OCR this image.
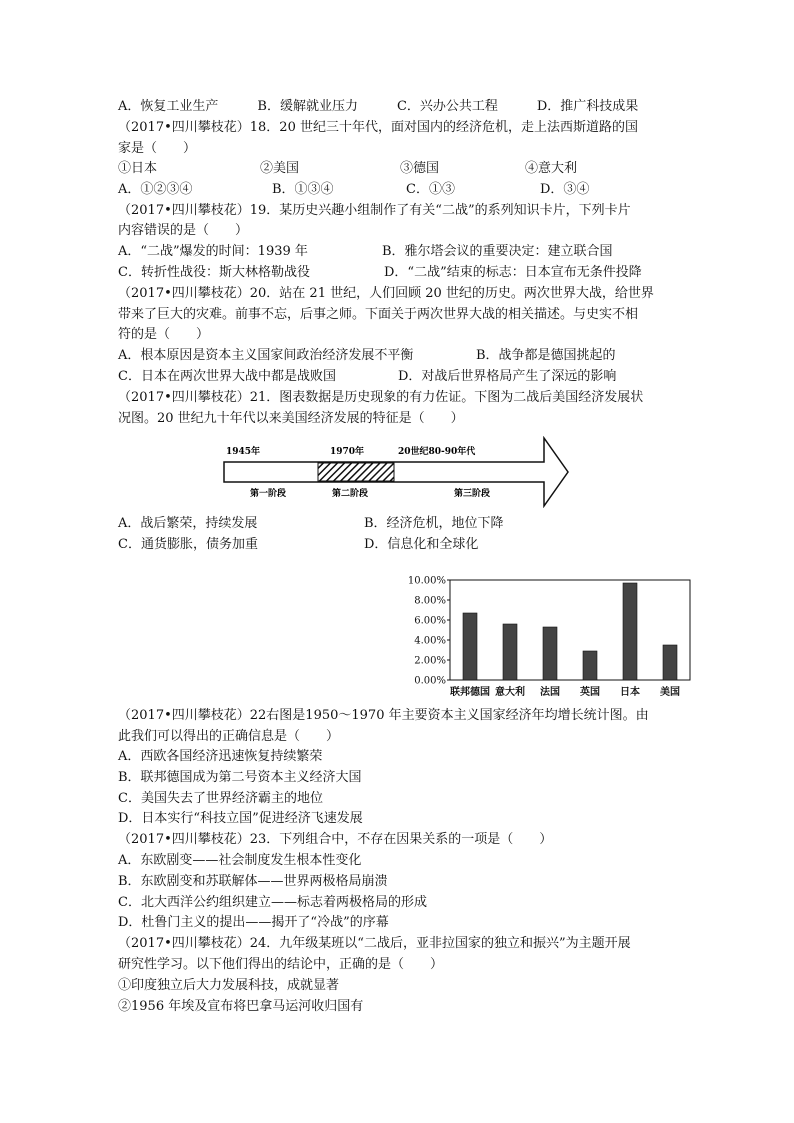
A．恢复工业生产　　　B．缓解就业压力　　　C．兴办公共工程　　　D．推广科技成果
（2017•四川攀枝花）18．20 世纪三十年代，面对国内的经济危机，走上法西斯道路的国
家是（　　）
①日本	②美国	③德国	④意大利
A．①②③④	B．①③④	C．①③	D．③④
（2017•四川攀枝花）19．某历史兴趣小组制作了有关“二战”的系列知识卡片，下列卡片
内容错误的是（　　）
A．“二战”爆发的时间：1939 年	B．雅尔塔会议的重要决定：建立联合国
C．转折性战役：斯大林格勒战役	D．“二战”结束的标志：日本宣布无条件投降
（2017•四川攀枝花）20．站在 21 世纪，人们回顾 20 世纪的历史。两次世界大战，给世界
带来了巨大的灾难。前事不忘，后事之师。下面关于两次世界大战的相关描述。与史实不相
符的是（　　）
A．根本原因是资本主义国家间政治经济发展不平衡	B．战争都是德国挑起的
C．日本在两次世界大战中都是战败国	D．对战后世界格局产生了深远的影响
（2017•四川攀枝花）21．图表数据是历史现象的有力佐证。下图为二战后美国经济发展状
况图。20 世纪九十年代以来美国经济发展的特征是（　　）
1945年	1970年	20世纪80-90年代
第一阶段	第二阶段	第三阶段
A．战后繁荣，持续发展	B．经济危机，地位下降
C．通货膨胀，债务加重	D．信息化和全球化
10.00%
8.00%
6.00%
4.00%
2.00%
0.00%
联邦德国 意大利 法国 英国 日本 美国
（2017•四川攀枝花）22右图是1950～1970 年主要资本主义国家经济年均增长统计图。由
此我们可以得出的正确信息是（　　）
A．西欧各国经济迅速恢复持续繁荣
B．联邦德国成为第二号资本主义经济大国
C．美国失去了世界经济霸主的地位
D．日本实行“科技立国”促进经济飞速发展
（2017•四川攀枝花）23．下列组合中，不存在因果关系的一项是（　　）
A．东欧剧变——社会制度发生根本性变化
B．东欧剧变和苏联解体——世界两极格局崩溃
C．北大西洋公约组织建立——标志着两极格局的形成
D．杜鲁门主义的提出——揭开了“冷战”的序幕
（2017•四川攀枝花）24．九年级某班以“二战后，亚非拉国家的独立和振兴”为主题开展
研究性学习。以下他们得出的结论中，正确的是（　　）
①印度独立后大力发展科技，成就显著
②1956 年埃及宣布将巴拿马运河收归国有
